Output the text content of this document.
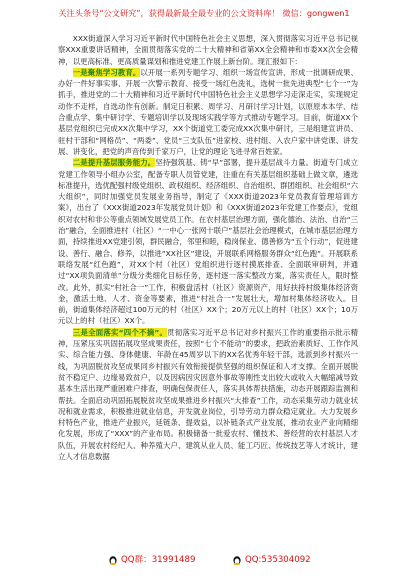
关注头条号“公文研究”，获得最新最全最专业的公文资料库！ 微信：gongwen1

XXX街道深入学习习近平新时代中国特色社会主义思想，深入贯彻落实习近平总书记视察XXX重要讲话精神，全面贯彻落实党的二十大精神和省第XX全会精神和市委XX次全会精神，以更高标准、更高质量谋划和推进党建工作展上新台阶。现汇报如下：

一是聚焦学习教育。以开展一系列专题学习、组织一场宣传宣讲、形成一批调研成果、办好一件好事实事、开展一次警示教育、接受一场红色洗礼，选树一批先进典型“七个一”为抓手，推进党的二十大精神和习近平新时代中国特色社会主义思想学习走深走实，实现规定动作不走样，自选动作有创新。制定日积累、周学习、月研讨学习计划，以原原本本学、结合重点学、集中研讨学、专题培训学以及现场实践学等方式推动专题学习。目前，街道XX个基层党组织已完成XX次集中学习，XX个街道党工委完成XX次集中研讨，三是组建宣讲员、驻村干部和“网格员”、“两委”、党员“三支队伍”进家校、进村组、入农户家中讲党课、讲发展、讲变化，把党的声音传到千家万户，让党的理论飞进寻常百姓家。

二是提升基层服务能力。坚持强筑基、铸“早”部署，提升基层战斗力量。街道专门成立党建工作领导小组办公室，配备专职人员管党建，注重在有关基层组织基础上做文章，遴选标准提升，选优配强村级党组织、政权组织、经济组织、自治组织、群团组织、社会组织“六大组织”，同时加强党员发展业务指导，制定了《XXX街道2023年党员教育管理培训方案》，出台了《XXX街道2023年发展党员计划》和《XXX街道2023年党建工作要点》，党组织对农村和非公等重点领域发展党员工作。在农村基层治理方面，强化德治、法治、自治“三治”融合，全面推进村（社区）“一中心一张网十联户”基层社会治理模式，在城市基层治理方面，持续推进XX党建引领，群民融合，邻里和睦，稳岗保业、德善修为“五个行动”，促进建设、善行、融合、修养，以推进“XX社区”建设，开展联系网格服务群众“红色跑”。开展联系联络发展“红色跑”，对XX个村（社区）党组织进行逐村摸底排查、全面联审研判，并通过“XX项负面清单”分级分类细化目标任务，逐村逐一落实整改方案，落实责任人，限时整改。此外，抓实“村社合一”工作，积极盘活村（社区）资源资产，用好扶持村级集体经济资金，激活土地、人才、资金等要素，推进“村社合一”发展壮大，增加村集体经济收入。目前，街道集体经济超过100万元的村（社区）XX个；20万元以上的村（社区）XX个；10万元以上的村（社区）XX个。

三是全面落实“四个不摘”。贯彻落实习近平总书记对乡村振兴工作的重要指示批示精神，压紧压实巩固拓展攻坚成果责任，按照“七个不能动”的要求，把政治素质好、工作作风实、综合能力强、身体健康、年龄在45周岁以下的XX名优秀年轻干部，选派到乡村振兴一线，为巩固脱贫攻坚成果同乡村振兴有效衔接提供坚强的组织保证和人才支撑。全面开展脱贫不稳定户、边缘易致贫户，以及因病因灾因意外事故等刚性支出较大或收入大幅缩减导致基本生活出现严重困难户排查，明确包保责任人，落实具体帮扶措施，动态开展跟踪监测和帮扶。全面启动巩固拓展脱贫攻坚成果推进乡村振兴“大排查”工作，动态采集劳动力就业状况和就业需求，积极推进就业信息，开发就业岗位，引导劳动力群众稳定就业。大力发展乡村特色产业，推进产业振兴，延链条、提效益，以补链条式产业发展，推动农业产业向精细化发展，形成了“XXX”的产业布局。积极储备一批爱农村、懂技术、善经营的农村基层人才队伍，开展农村经纪人、种养殖大户、建筑从业人员、能工巧匠、传统技艺等人才统计，建立人才信息数据

QQ群：31991489	QQ:535304092
